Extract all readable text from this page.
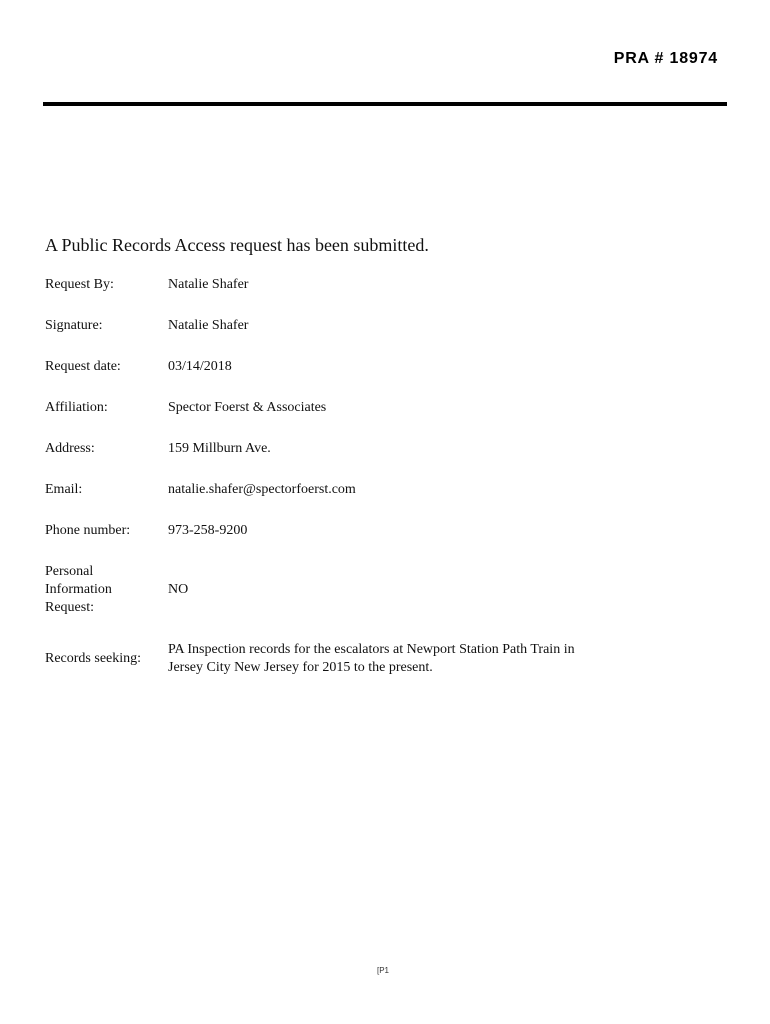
PRA # 18974
A Public Records Access request has been submitted.
Request By:	Natalie Shafer
Signature:	Natalie Shafer
Request date:	03/14/2018
Affiliation:	Spector Foerst & Associates
Address:	159 Millburn Ave.
Email:	natalie.shafer@spectorfoerst.com
Phone number:	973-258-9200
Personal
Information
Request:
NO
Records seeking:
PA Inspection records for the escalators at Newport Station Path Train in
Jersey City New Jersey for 2015 to the present.
[P1
